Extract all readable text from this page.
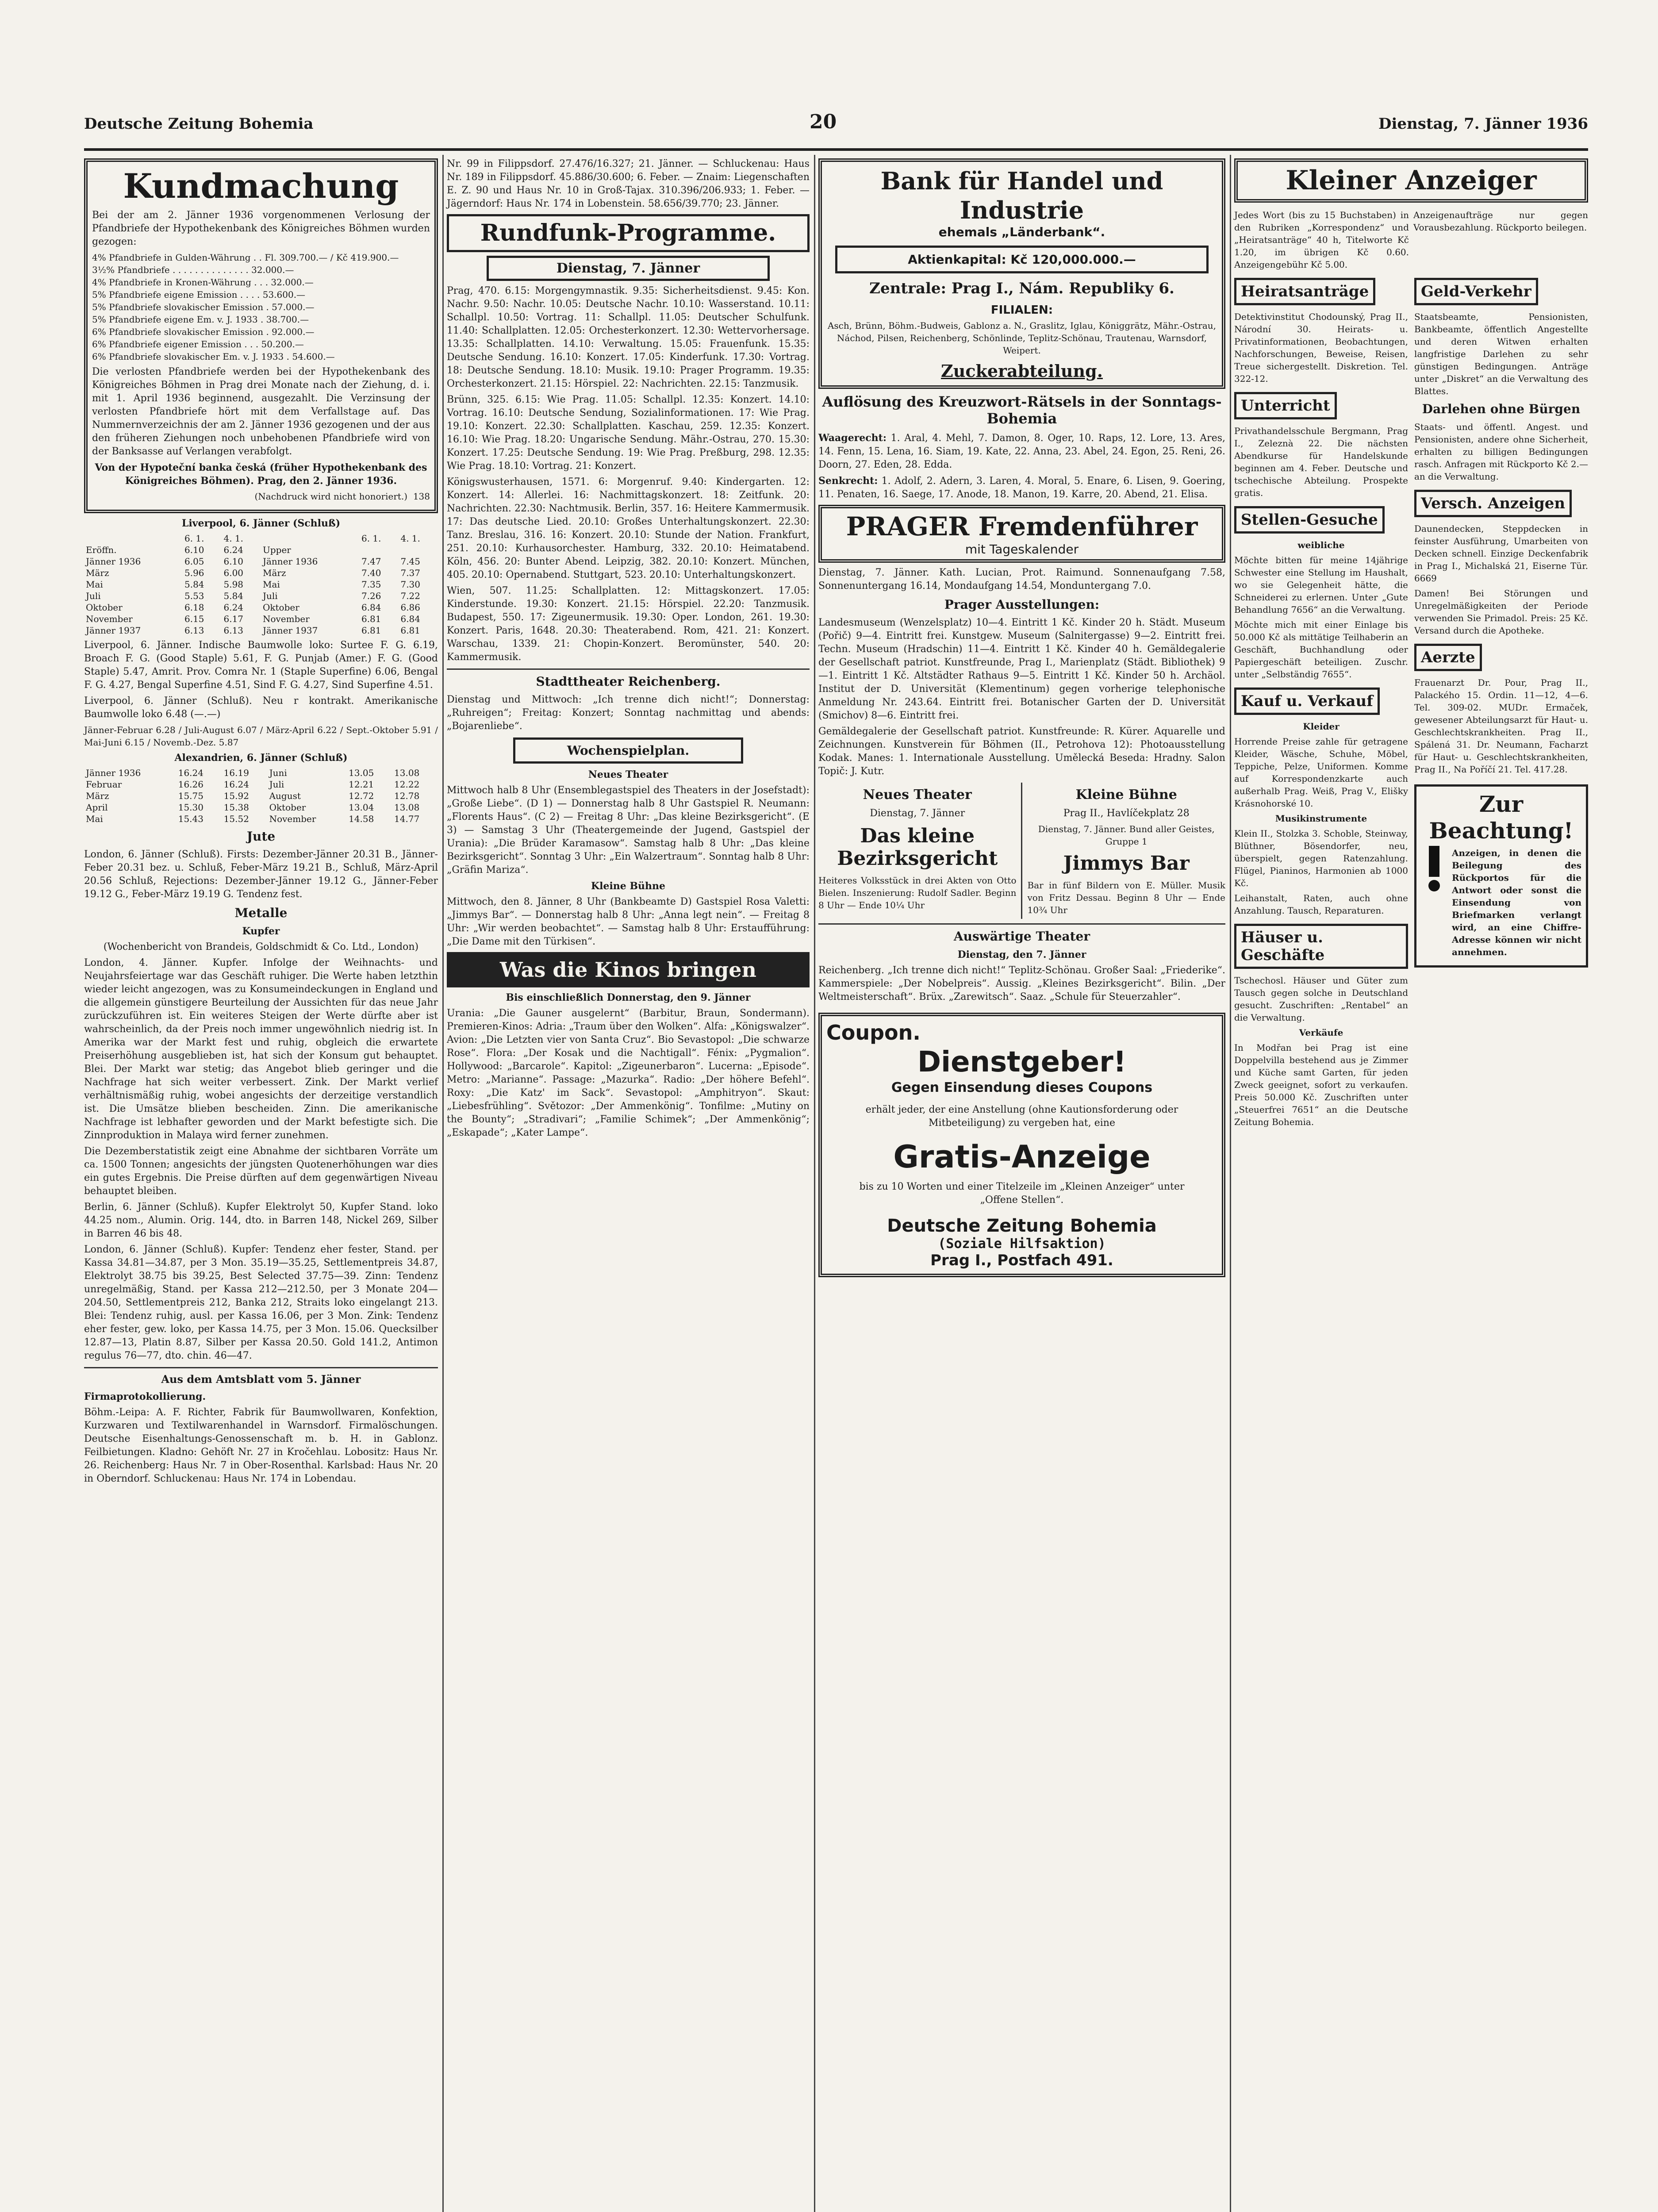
Deutsche Zeitung Bohemia	20	Dienstag, 7. Jänner 1936
Kundmachung
Bei der am 2. Jänner 1936 vorgenommenen Verlosung der Pfandbriefe der Hypothekenbank des Königreiches Böhmen wurden gezogen:
4% Pfandbriefe in Gulden-Währung . . Fl. 309.700.— / Kč 419.900.—
3½% Pfandbriefe . . . . . . . . . . . . . . 32.000.—
4% Pfandbriefe in Kronen-Währung . . . 32.000.—
5% Pfandbriefe eigene Emission . . . . 53.600.—
5% Pfandbriefe slovakischer Emission . 57.000.—
5% Pfandbriefe eigene Em. v. J. 1933 . 38.700.—
6% Pfandbriefe slovakischer Emission . 92.000.—
6% Pfandbriefe eigener Emission . . . 50.200.—
6% Pfandbriefe slovakischer Em. v. J. 1933 . 54.600.—
Die verlosten Pfandbriefe werden bei der Hypothekenbank des Königreiches Böhmen in Prag drei Monate nach der Ziehung, d. i. mit 1. April 1936 beginnend, ausgezahlt. Die Verzinsung der verlosten Pfandbriefe hört mit dem Verfallstage auf. Das Nummernverzeichnis der am 2. Jänner 1936 gezogenen und der aus den früheren Ziehungen noch unbehobenen Pfandbriefe wird von der Banksasse auf Verlangen verabfolgt.
Von der Hypoteční banka česká (früher Hypothekenbank des Königreiches Böhmen). Prag, den 2. Jänner 1936.
(Nachdruck wird nicht honoriert.)  138
Liverpool, 6. Jänner (Schluß)
	6. 1.	4. 1.		6. 1.	4. 1.
Eröffn.	6.10	6.24	Upper		
Jänner 1936	6.05	6.10	Jänner 1936	7.47	7.45
März	5.96	6.00	März	7.40	7.37
Mai	5.84	5.98	Mai	7.35	7.30
Juli	5.53	5.84	Juli	7.26	7.22
Oktober	6.18	6.24	Oktober	6.84	6.86
November	6.15	6.17	November	6.81	6.84
Jänner 1937	6.13	6.13	Jänner 1937	6.81	6.81
Liverpool, 6. Jänner. Indische Baumwolle loko: Surtee F. G. 6.19, Broach F. G. (Good Staple) 5.61, F. G. Punjab (Amer.) F. G. (Good Staple) 5.47, Amrit. Prov. Comra Nr. 1 (Staple Superfine) 6.06, Bengal F. G. 4.27, Bengal Superfine 4.51, Sind F. G. 4.27, Sind Superfine 4.51.
Liverpool, 6. Jänner (Schluß). Neu r kontrakt. Amerikanische Baumwolle loko 6.48 (—.—)
Jänner-Februar 6.28 / Juli-August 6.07 / März-April 6.22 / Sept.-Oktober 5.91 / Mai-Juni 6.15 / Novemb.-Dez. 5.87
Alexandrien, 6. Jänner (Schluß)
Jänner 1936	16.24	16.19	Juni	13.05	13.08
Februar	16.26	16.24	Juli	12.21	12.22
März	15.75	15.92	August	12.72	12.78
April	15.30	15.38	Oktober	13.04	13.08
Mai	15.43	15.52	November	14.58	14.77
Jute
London, 6. Jänner (Schluß). Firsts: Dezember-Jänner 20.31 B., Jänner-Feber 20.31 bez. u. Schluß, Feber-März 19.21 B., Schluß, März-April 20.56 Schluß, Rejections: Dezember-Jänner 19.12 G., Jänner-Feber 19.12 G., Feber-März 19.19 G. Tendenz fest.
Metalle
Kupfer
(Wochenbericht von Brandeis, Goldschmidt & Co. Ltd., London)
London, 4. Jänner. Kupfer. Infolge der Weihnachts- und Neujahrsfeiertage war das Geschäft ruhiger. Die Werte haben letzthin wieder leicht angezogen, was zu Konsumeindeckungen in England und die allgemein günstigere Beurteilung der Aussichten für das neue Jahr zurückzuführen ist. Ein weiteres Steigen der Werte dürfte aber ist wahrscheinlich, da der Preis noch immer ungewöhnlich niedrig ist. In Amerika war der Markt fest und ruhig, obgleich die erwartete Preiserhöhung ausgeblieben ist, hat sich der Konsum gut behauptet. Blei. Der Markt war stetig; das Angebot blieb geringer und die Nachfrage hat sich weiter verbessert. Zink. Der Markt verlief verhältnismäßig ruhig, wobei angesichts der derzeitige verstandlich ist. Die Umsätze blieben bescheiden. Zinn. Die amerikanische Nachfrage ist lebhafter geworden und der Markt befestigte sich. Die Zinnproduktion in Malaya wird ferner zunehmen.
Die Dezemberstatistik zeigt eine Abnahme der sichtbaren Vorräte um ca. 1500 Tonnen; angesichts der jüngsten Quotenerhöhungen war dies ein gutes Ergebnis. Die Preise dürften auf dem gegenwärtigen Niveau behauptet bleiben.
Berlin, 6. Jänner (Schluß). Kupfer Elektrolyt 50, Kupfer Stand. loko 44.25 nom., Alumin. Orig. 144, dto. in Barren 148, Nickel 269, Silber in Barren 46 bis 48.
London, 6. Jänner (Schluß). Kupfer: Tendenz eher fester, Stand. per Kassa 34.81—34.87, per 3 Mon. 35.19—35.25, Settlementpreis 34.87, Elektrolyt 38.75 bis 39.25, Best Selected 37.75—39. Zinn: Tendenz unregelmäßig, Stand. per Kassa 212—212.50, per 3 Monate 204—204.50, Settlementpreis 212, Banka 212, Straits loko eingelangt 213. Blei: Tendenz ruhig, ausl. per Kassa 16.06, per 3 Mon. Zink: Tendenz eher fester, gew. loko, per Kassa 14.75, per 3 Mon. 15.06. Quecksilber 12.87—13, Platin 8.87, Silber per Kassa 20.50. Gold 141.2, Antimon regulus 76—77, dto. chin. 46—47.
Aus dem Amtsblatt vom 5. Jänner
Firmaprotokollierung.
Böhm.-Leipa: A. F. Richter, Fabrik für Baumwollwaren, Konfektion, Kurzwaren und Textilwarenhandel in Warnsdorf. Firmalöschungen. Deutsche Eisenhaltungs-Genossenschaft m. b. H. in Gablonz. Feilbietungen. Kladno: Gehöft Nr. 27 in Kročehlau. Lobositz: Haus Nr. 26. Reichenberg: Haus Nr. 7 in Ober-Rosenthal. Karlsbad: Haus Nr. 20 in Oberndorf. Schluckenau: Haus Nr. 174 in Lobendau.
Nr. 99 in Filippsdorf. 27.476/16.327; 21. Jänner. — Schluckenau: Haus Nr. 189 in Filippsdorf. 45.886/30.600; 6. Feber. — Znaim: Liegenschaften E. Z. 90 und Haus Nr. 10 in Groß-Tajax. 310.396/206.933; 1. Feber. — Jägerndorf: Haus Nr. 174 in Lobenstein. 58.656/39.770; 23. Jänner.
Rundfunk-Programme.
Dienstag, 7. Jänner
Prag, 470. 6.15: Morgengymnastik. 9.35: Sicherheitsdienst. 9.45: Kon. Nachr. 9.50: Nachr. 10.05: Deutsche Nachr. 10.10: Wasserstand. 10.11: Schallpl. 10.50: Vortrag. 11: Schallpl. 11.05: Deutscher Schulfunk. 11.40: Schallplatten. 12.05: Orchesterkonzert. 12.30: Wettervorhersage. 13.35: Schallplatten. 14.10: Verwaltung. 15.05: Frauenfunk. 15.35: Deutsche Sendung. 16.10: Konzert. 17.05: Kinderfunk. 17.30: Vortrag. 18: Deutsche Sendung. 18.10: Musik. 19.10: Prager Programm. 19.35: Orchesterkonzert. 21.15: Hörspiel. 22: Nachrichten. 22.15: Tanzmusik.
Brünn, 325. 6.15: Wie Prag. 11.05: Schallpl. 12.35: Konzert. 14.10: Vortrag. 16.10: Deutsche Sendung, Sozialinformationen. 17: Wie Prag. 19.10: Konzert. 22.30: Schallplatten. Kaschau, 259. 12.35: Konzert. 16.10: Wie Prag. 18.20: Ungarische Sendung. Mähr.-Ostrau, 270. 15.30: Konzert. 17.25: Deutsche Sendung. 19: Wie Prag. Preßburg, 298. 12.35: Wie Prag. 18.10: Vortrag. 21: Konzert.
Königswusterhausen, 1571. 6: Morgenruf. 9.40: Kindergarten. 12: Konzert. 14: Allerlei. 16: Nachmittagskonzert. 18: Zeitfunk. 20: Nachrichten. 22.30: Nachtmusik. Berlin, 357. 16: Heitere Kammermusik. 17: Das deutsche Lied. 20.10: Großes Unterhaltungskonzert. 22.30: Tanz. Breslau, 316. 16: Konzert. 20.10: Stunde der Nation. Frankfurt, 251. 20.10: Kurhausorchester. Hamburg, 332. 20.10: Heimatabend. Köln, 456. 20: Bunter Abend. Leipzig, 382. 20.10: Konzert. München, 405. 20.10: Opernabend. Stuttgart, 523. 20.10: Unterhaltungskonzert.
Wien, 507. 11.25: Schallplatten. 12: Mittagskonzert. 17.05: Kinderstunde. 19.30: Konzert. 21.15: Hörspiel. 22.20: Tanzmusik. Budapest, 550. 17: Zigeunermusik. 19.30: Oper. London, 261. 19.30: Konzert. Paris, 1648. 20.30: Theaterabend. Rom, 421. 21: Konzert. Warschau, 1339. 21: Chopin-Konzert. Beromünster, 540. 20: Kammermusik.
Stadttheater Reichenberg.
Dienstag und Mittwoch: „Ich trenne dich nicht!“; Donnerstag: „Ruhreigen“; Freitag: Konzert; Sonntag nachmittag und abends: „Bojarenliebe“.
Wochenspielplan.
Neues Theater
Mittwoch halb 8 Uhr (Ensemblegastspiel des Theaters in der Josefstadt): „Große Liebe“. (D 1) — Donnerstag halb 8 Uhr Gastspiel R. Neumann: „Florents Haus“. (C 2) — Freitag 8 Uhr: „Das kleine Bezirksgericht“. (E 3) — Samstag 3 Uhr (Theatergemeinde der Jugend, Gastspiel der Urania): „Die Brüder Karamasow“. Samstag halb 8 Uhr: „Das kleine Bezirksgericht“. Sonntag 3 Uhr: „Ein Walzertraum“. Sonntag halb 8 Uhr: „Gräfin Mariza“.
Kleine Bühne
Mittwoch, den 8. Jänner, 8 Uhr (Bankbeamte D) Gastspiel Rosa Valetti: „Jimmys Bar“. — Donnerstag halb 8 Uhr: „Anna legt nein“. — Freitag 8 Uhr: „Wir werden beobachtet“. — Samstag halb 8 Uhr: Erstaufführung: „Die Dame mit den Türkisen“.
Was die Kinos bringen
Bis einschließlich Donnerstag, den 9. Jänner
Urania: „Die Gauner ausgelernt“ (Barbitur, Braun, Sondermann). Premieren-Kinos: Adria: „Traum über den Wolken“. Alfa: „Königswalzer“. Avion: „Die Letzten vier von Santa Cruz“. Bio Sevastopol: „Die schwarze Rose“. Flora: „Der Kosak und die Nachtigall“. Fénix: „Pygmalion“. Hollywood: „Barcarole“. Kapitol: „Zigeunerbaron“. Lucerna: „Episode“. Metro: „Marianne“. Passage: „Mazurka“. Radio: „Der höhere Befehl“. Roxy: „Die Katz' im Sack“. Sevastopol: „Amphitryon“. Skaut: „Liebesfrühling“. Světozor: „Der Ammenkönig“. Tonfilme: „Mutiny on the Bounty“; „Stradivari“; „Familie Schimek“; „Der Ammenkönig“; „Eskapade“; „Kater Lampe“.
Bank für Handel und Industrie
ehemals „Länderbank“.
Aktienkapital: Kč 120,000.000.—
Zentrale: Prag I., Nám. Republiky 6.
FILIALEN:
Asch, Brünn, Böhm.-Budweis, Gablonz a. N., Graslitz, Iglau, Königgrätz, Mähr.-Ostrau, Náchod, Pilsen, Reichenberg, Schönlinde, Teplitz-Schönau, Trautenau, Warnsdorf, Weipert.
Zuckerabteilung.
Auflösung des Kreuzwort-Rätsels in der Sonntags-Bohemia
Waagerecht: 1. Aral, 4. Mehl, 7. Damon, 8. Oger, 10. Raps, 12. Lore, 13. Ares, 14. Fenn, 15. Lena, 16. Siam, 19. Kate, 22. Anna, 23. Abel, 24. Egon, 25. Reni, 26. Doorn, 27. Eden, 28. Edda.
Senkrecht: 1. Adolf, 2. Adern, 3. Laren, 4. Moral, 5. Enare, 6. Lisen, 9. Goering, 11. Penaten, 16. Saege, 17. Anode, 18. Manon, 19. Karre, 20. Abend, 21. Elisa.
PRAGER Fremdenführer
mit Tageskalender
Dienstag, 7. Jänner. Kath. Lucian, Prot. Raimund. Sonnenaufgang 7.58, Sonnenuntergang 16.14, Mondaufgang 14.54, Monduntergang 7.0.
Prager Ausstellungen:
Landesmuseum (Wenzelsplatz) 10—4. Eintritt 1 Kč. Kinder 20 h. Städt. Museum (Pořič) 9—4. Eintritt frei. Kunstgew. Museum (Salnitergasse) 9—2. Eintritt frei. Techn. Museum (Hradschin) 11—4. Eintritt 1 Kč. Kinder 40 h. Gemäldegalerie der Gesellschaft patriot. Kunstfreunde, Prag I., Marienplatz (Städt. Bibliothek) 9—1. Eintritt 1 Kč. Altstädter Rathaus 9—5. Eintritt 1 Kč. Kinder 50 h. Archäol. Institut der D. Universität (Klementinum) gegen vorherige telephonische Anmeldung Nr. 243.64. Eintritt frei. Botanischer Garten der D. Universität (Smichov) 8—6. Eintritt frei.
Gemäldegalerie der Gesellschaft patriot. Kunstfreunde: R. Kürer. Aquarelle und Zeichnungen. Kunstverein für Böhmen (II., Petrohova 12): Photoausstellung Kodak. Manes: 1. Internationale Ausstellung. Umělecká Beseda: Hradny. Salon Topič: J. Kutr.
Neues Theater
Dienstag, 7. Jänner
Das kleine Bezirksgericht
Heiteres Volksstück in drei Akten von Otto Bielen. Inszenierung: Rudolf Sadler. Beginn 8 Uhr — Ende 10¼ Uhr
Kleine Bühne
Prag II., Havlíčekplatz 28
Dienstag, 7. Jänner. Bund aller Geistes, Gruppe 1
Jimmys Bar
Bar in fünf Bildern von E. Müller. Musik von Fritz Dessau. Beginn 8 Uhr — Ende 10¾ Uhr
Auswärtige Theater
Dienstag, den 7. Jänner
Reichenberg. „Ich trenne dich nicht!“ Teplitz-Schönau. Großer Saal: „Friederike“. Kammerspiele: „Der Nobelpreis“. Aussig. „Kleines Bezirksgericht“. Bilin. „Der Weltmeisterschaft“. Brüx. „Zarewitsch“. Saaz. „Schule für Steuerzahler“.
Coupon.
Dienstgeber!
Gegen Einsendung dieses Coupons
erhält jeder, der eine Anstellung (ohne Kautionsforderung oder Mitbeteiligung) zu vergeben hat, eine
Gratis-Anzeige
bis zu 10 Worten und einer Titelzeile im „Kleinen Anzeiger“ unter „Offene Stellen“.
Deutsche Zeitung Bohemia
(Soziale Hilfsaktion)
Prag I., Postfach 491.
Kleiner Anzeiger
Jedes Wort (bis zu 15 Buchstaben) in den Rubriken „Korrespondenz“ und „Heiratsanträge“ 40 h, Titelworte Kč 1.20, im übrigen Kč 0.60. Anzeigengebühr Kč 5.00.
Anzeigenaufträge nur gegen Vorausbezahlung. Rückporto beilegen.
Heiratsanträge
Detektivinstitut Chodounský, Prag II., Národní 30. Heirats- u. Privatinformationen, Beobachtungen, Nachforschungen, Beweise, Reisen, Treue sichergestellt. Diskretion. Tel. 322-12.
Unterricht
Privathandelsschule Bergmann, Prag I., Zeleznà 22. Die nächsten Abendkurse für Handelskunde beginnen am 4. Feber. Deutsche und tschechische Abteilung. Prospekte gratis.
Stellen-Gesuche
weibliche
Möchte bitten für meine 14jährige Schwester eine Stellung im Haushalt, wo sie Gelegenheit hätte, die Schneiderei zu erlernen. Unter „Gute Behandlung 7656“ an die Verwaltung.
Möchte mich mit einer Einlage bis 50.000 Kč als mittätige Teilhaberin an Geschäft, Buchhandlung oder Papiergeschäft beteiligen. Zuschr. unter „Selbständig 7655“.
Kauf u. Verkauf
Kleider
Horrende Preise zahle für getragene Kleider, Wäsche, Schuhe, Möbel, Teppiche, Pelze, Uniformen. Komme auf Korrespondenzkarte auch außerhalb Prag. Weiß, Prag V., Elišky Krásnohorské 10.
Musikinstrumente
Klein II., Stolzka 3. Schoble, Steinway, Blüthner, Bösendorfer, neu, überspielt, gegen Ratenzahlung. Flügel, Pianinos, Harmonien ab 1000 Kč.
Leihanstalt, Raten, auch ohne Anzahlung. Tausch, Reparaturen.
Häuser u. Geschäfte
Tschechosl. Häuser und Güter zum Tausch gegen solche in Deutschland gesucht. Zuschriften: „Rentabel“ an die Verwaltung.
Verkäufe
In Modřan bei Prag ist eine Doppelvilla bestehend aus je Zimmer und Küche samt Garten, für jeden Zweck geeignet, sofort zu verkaufen. Preis 50.000 Kč. Zuschriften unter „Steuerfrei 7651“ an die Deutsche Zeitung Bohemia.
Geld-Verkehr
Staatsbeamte, Pensionisten, Bankbeamte, öffentlich Angestellte und deren Witwen erhalten langfristige Darlehen zu sehr günstigen Bedingungen. Anträge unter „Diskret“ an die Verwaltung des Blattes.
Darlehen ohne Bürgen
Staats- und öffentl. Angest. und Pensionisten, andere ohne Sicherheit, erhalten zu billigen Bedingungen rasch. Anfragen mit Rückporto Kč 2.— an die Verwaltung.
Versch. Anzeigen
Daunendecken, Steppdecken in feinster Ausführung, Umarbeiten von Decken schnell. Einzige Deckenfabrik in Prag I., Michalská 21, Eiserne Tür. 6669
Damen! Bei Störungen und Unregelmäßigkeiten der Periode verwenden Sie Primadol. Preis: 25 Kč. Versand durch die Apotheke.
Aerzte
Frauenarzt Dr. Pour, Prag II., Palackého 15. Ordin. 11—12, 4—6. Tel. 309-02. MUDr. Ermaček, gewesener Abteilungsarzt für Haut- u. Geschlechtskrankheiten. Prag II., Spálená 31. Dr. Neumann, Facharzt für Haut- u. Geschlechtskrankheiten, Prag II., Na Poříčí 21. Tel. 417.28.
Zur Beachtung!
Anzeigen, in denen die Beilegung des Rückportos für die Antwort oder sonst die Einsendung von Briefmarken verlangt wird, an eine Chiffre-Adresse können wir nicht annehmen.
